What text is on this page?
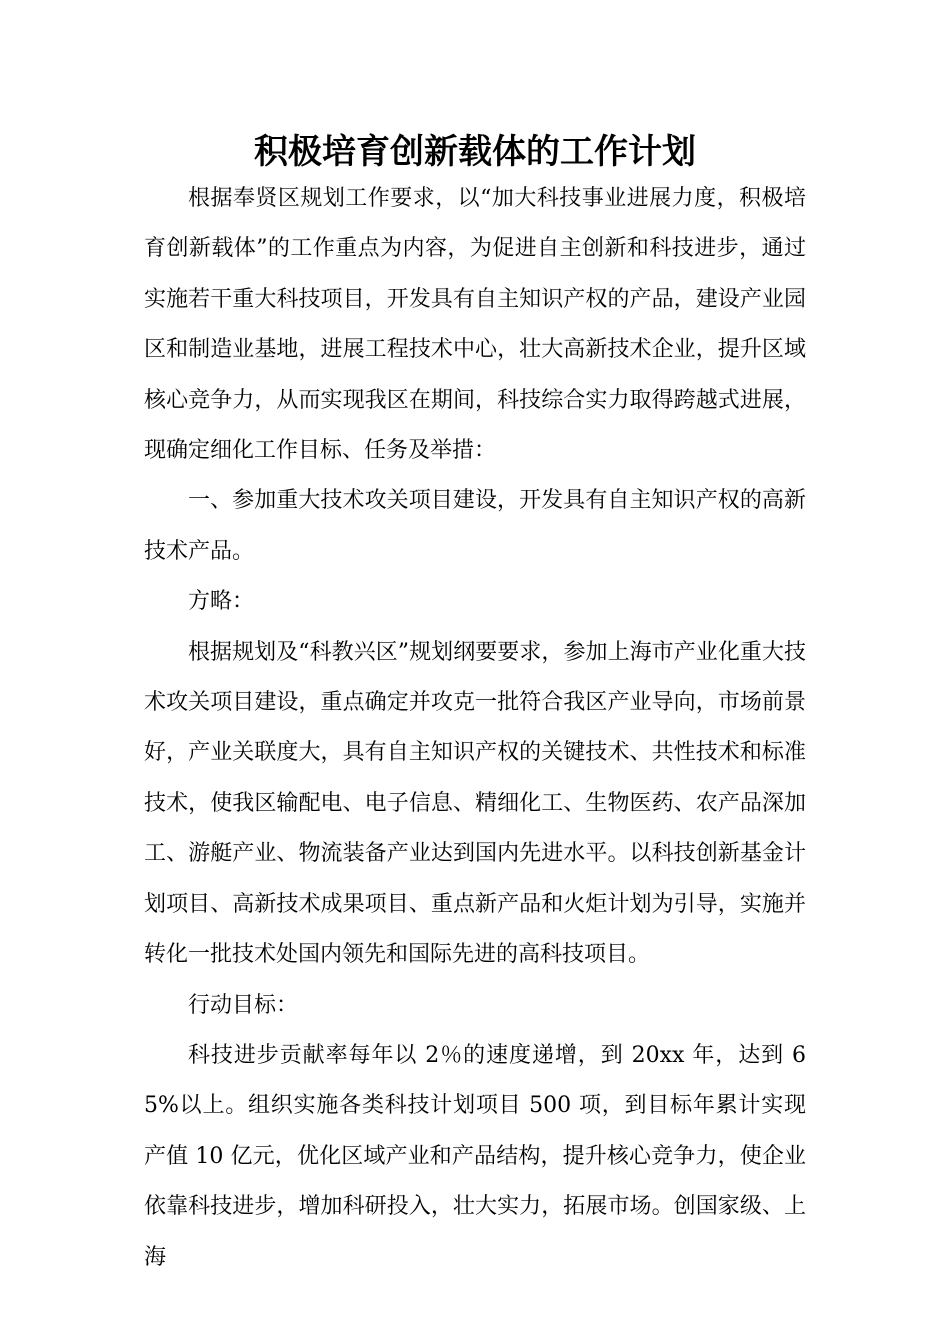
积极培育创新载体的工作计划

根据奉贤区规划工作要求，以“加大科技事业进展力度，积极培育创新载体”的工作重点为内容，为促进自主创新和科技进步，通过实施若干重大科技项目，开发具有自主知识产权的产品，建设产业园区和制造业基地，进展工程技术中心，壮大高新技术企业，提升区域核心竞争力，从而实现我区在期间，科技综合实力取得跨越式进展，现确定细化工作目标、任务及举措：

一、参加重大技术攻关项目建设，开发具有自主知识产权的高新技术产品。

方略：

根据规划及“科教兴区”规划纲要要求，参加上海市产业化重大技术攻关项目建设，重点确定并攻克一批符合我区产业导向，市场前景好，产业关联度大，具有自主知识产权的关键技术、共性技术和标准技术，使我区输配电、电子信息、精细化工、生物医药、农产品深加工、游艇产业、物流装备产业达到国内先进水平。以科技创新基金计划项目、高新技术成果项目、重点新产品和火炬计划为引导，实施并转化一批技术处国内领先和国际先进的高科技项目。

行动目标：

科技进步贡献率每年以 2％的速度递增，到 20xx 年，达到 65%以上。组织实施各类科技计划项目 500 项，到目标年累计实现产值 10 亿元，优化区域产业和产品结构，提升核心竞争力，使企业依靠科技进步，增加科研投入，壮大实力，拓展市场。创国家级、上海
